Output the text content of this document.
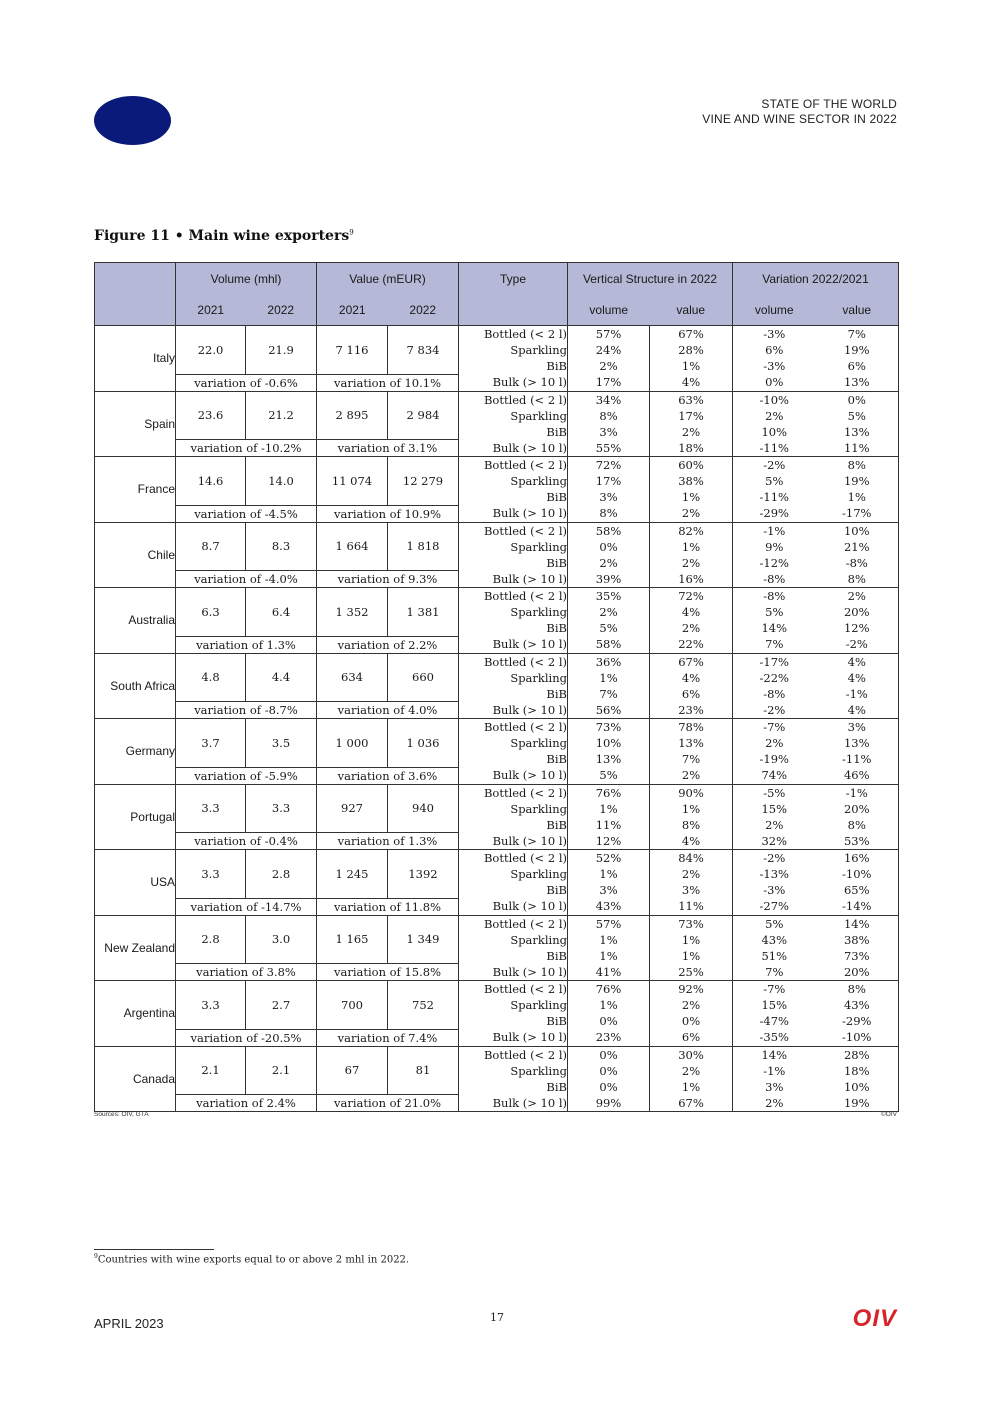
STATE OF THE WORLD
VINE AND WINE SECTOR IN 2022
Figure 11 • Main wine exporters$^9$
	Volume (mhl)		Value (mEUR)		Type	Vertical Structure in 2022		Variation 2022/2021	
	2021	2022	2021	2022		volume	value	volume	value
Italy	22.0	21.9	7 116	7 834	Bottled (< 2 l)	57%	67%	-3%	7%
					Sparkling	24%	28%	6%	19%
					BiB	2%	1%	-3%	6%
	variation of -0.6%		variation of 10.1%		Bulk (> 10 l)	17%	4%	0%	13%
Spain	23.6	21.2	2 895	2 984	Bottled (< 2 l)	34%	63%	-10%	0%
					Sparkling	8%	17%	2%	5%
					BiB	3%	2%	10%	13%
	variation of -10.2%		variation of 3.1%		Bulk (> 10 l)	55%	18%	-11%	11%
France	14.6	14.0	11 074	12 279	Bottled (< 2 l)	72%	60%	-2%	8%
					Sparkling	17%	38%	5%	19%
					BiB	3%	1%	-11%	1%
	variation of -4.5%		variation of 10.9%		Bulk (> 10 l)	8%	2%	-29%	-17%
Chile	8.7	8.3	1 664	1 818	Bottled (< 2 l)	58%	82%	-1%	10%
					Sparkling	0%	1%	9%	21%
					BiB	2%	2%	-12%	-8%
	variation of -4.0%		variation of 9.3%		Bulk (> 10 l)	39%	16%	-8%	8%
Australia	6.3	6.4	1 352	1 381	Bottled (< 2 l)	35%	72%	-8%	2%
					Sparkling	2%	4%	5%	20%
					BiB	5%	2%	14%	12%
	variation of 1.3%		variation of 2.2%		Bulk (> 10 l)	58%	22%	7%	-2%
South Africa	4.8	4.4	634	660	Bottled (< 2 l)	36%	67%	-17%	4%
					Sparkling	1%	4%	-22%	4%
					BiB	7%	6%	-8%	-1%
	variation of -8.7%		variation of 4.0%		Bulk (> 10 l)	56%	23%	-2%	4%
Germany	3.7	3.5	1 000	1 036	Bottled (< 2 l)	73%	78%	-7%	3%
					Sparkling	10%	13%	2%	13%
					BiB	13%	7%	-19%	-11%
	variation of -5.9%		variation of 3.6%		Bulk (> 10 l)	5%	2%	74%	46%
Portugal	3.3	3.3	927	940	Bottled (< 2 l)	76%	90%	-5%	-1%
					Sparkling	1%	1%	15%	20%
					BiB	11%	8%	2%	8%
	variation of -0.4%		variation of 1.3%		Bulk (> 10 l)	12%	4%	32%	53%
USA	3.3	2.8	1 245	1392	Bottled (< 2 l)	52%	84%	-2%	16%
					Sparkling	1%	2%	-13%	-10%
					BiB	3%	3%	-3%	65%
	variation of -14.7%		variation of 11.8%		Bulk (> 10 l)	43%	11%	-27%	-14%
New Zealand	2.8	3.0	1 165	1 349	Bottled (< 2 l)	57%	73%	5%	14%
					Sparkling	1%	1%	43%	38%
					BiB	1%	1%	51%	73%
	variation of 3.8%		variation of 15.8%		Bulk (> 10 l)	41%	25%	7%	20%
Argentina	3.3	2.7	700	752	Bottled (< 2 l)	76%	92%	-7%	8%
					Sparkling	1%	2%	15%	43%
					BiB	0%	0%	-47%	-29%
	variation of -20.5%		variation of 7.4%		Bulk (> 10 l)	23%	6%	-35%	-10%
Canada	2.1	2.1	67	81	Bottled (< 2 l)	0%	30%	14%	28%
					Sparkling	0%	2%	-1%	18%
					BiB	0%	1%	3%	10%
	variation of 2.4%		variation of 21.0%		Bulk (> 10 l)	99%	67%	2%	19%
Sources: OIV, GTA	©OIV
$^9$Countries with wine exports equal to or above 2 mhl in 2022.
APRIL 2023	17	OIV
